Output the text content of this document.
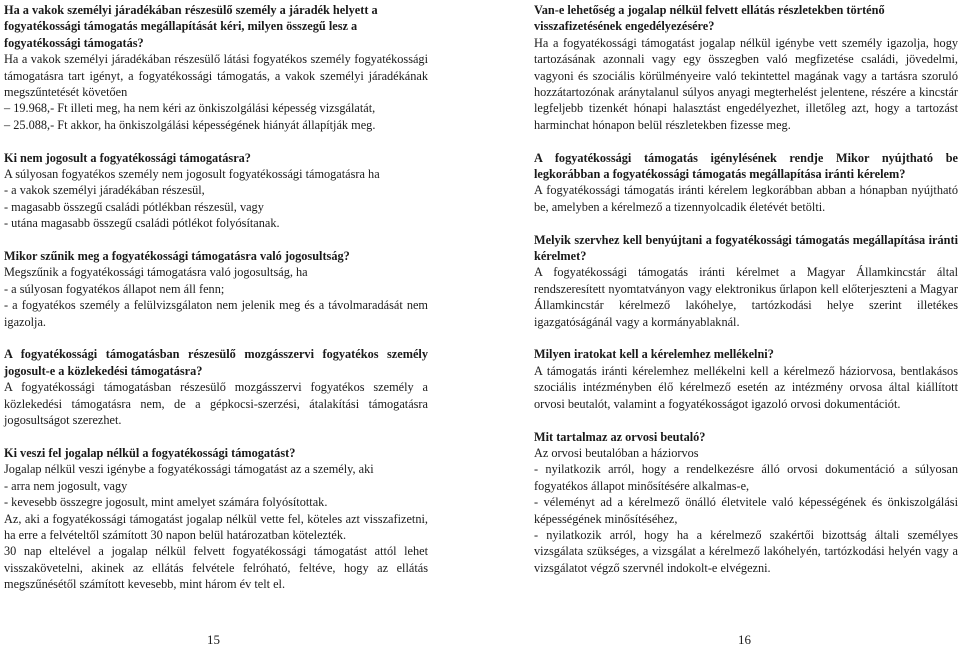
Ha a vakok személyi járadékában részesülő személy a járadék helyett a fogyatékossági támogatás megállapítását kéri, milyen összegű lesz a fogyatékossági támogatás?

Ha a vakok személyi járadékában részesülő látási fogyatékos személy fogyatékossági támogatásra tart igényt, a fogyatékossági támogatás, a vakok személyi járadékának megszűntetését követően

– 19.968,- Ft illeti meg, ha nem kéri az önkiszolgálási képesség vizsgálatát,

– 25.088,- Ft akkor, ha önkiszolgálási képességének hiányát állapítják meg.

Ki nem jogosult a fogyatékossági támogatásra?

A súlyosan fogyatékos személy nem jogosult fogyatékossági támogatásra ha

- a vakok személyi járadékában részesül,

- magasabb összegű családi pótlékban részesül, vagy

- utána magasabb összegű családi pótlékot folyósítanak.

Mikor szűnik meg a fogyatékossági támogatásra való jogosultság?

Megszűnik a fogyatékossági támogatásra való jogosultság, ha

- a súlyosan fogyatékos állapot nem áll fenn;

- a fogyatékos személy a felülvizsgálaton nem jelenik meg és a távolmaradását nem igazolja.

A fogyatékossági támogatásban részesülő mozgásszervi fogyatékos személy jogosult-e a közlekedési támogatásra?

A fogyatékossági támogatásban részesülő mozgásszervi fogyatékos személy a közlekedési támogatásra nem, de a gépkocsi-szerzési, átalakítási támogatásra jogosultságot szerezhet.

Ki veszi fel jogalap nélkül a fogyatékossági támogatást?

Jogalap nélkül veszi igénybe a fogyatékossági támogatást az a személy, aki

- arra nem jogosult, vagy

- kevesebb összegre jogosult, mint amelyet számára folyósítottak.

Az, aki a fogyatékossági támogatást jogalap nélkül vette fel, köteles azt visszafizetni, ha erre a felvételtől számított 30 napon belül határozatban kötelezték.

30 nap eltelével a jogalap nélkül felvett fogyatékossági támogatást attól lehet visszakövetelni, akinek az ellátás felvétele felróható, feltéve, hogy az ellátás megszűnésétől számított kevesebb, mint három év telt el.

Van-e lehetőség a jogalap nélkül felvett ellátás részletekben történő visszafizetésének engedélyezésére?

Ha a fogyatékossági támogatást jogalap nélkül igénybe vett személy igazolja, hogy tartozásának azonnali vagy egy összegben való megfizetése családi, jövedelmi, vagyoni és szociális körülményeire való tekintettel magának vagy a tartásra szoruló hozzátartozónak aránytalanul súlyos anyagi megterhelést jelentene, részére a kincstár legfeljebb tizenkét hónapi halasztást engedélyezhet, illetőleg azt, hogy a tartozást harminchat hónapon belül részletekben fizesse meg.

A fogyatékossági támogatás igénylésének rendje Mikor nyújtható be legkorábban a fogyatékossági támogatás megállapítása iránti kérelem?

A fogyatékossági támogatás iránti kérelem legkorábban abban a hónapban nyújtható be, amelyben a kérelmező a tizennyolcadik életévét betölti.

Melyik szervhez kell benyújtani a fogyatékossági támogatás megállapítása iránti kérelmet?

A fogyatékossági támogatás iránti kérelmet a Magyar Államkincstár által rendszeresített nyomtatványon vagy elektronikus űrlapon kell előterjeszteni a Magyar Államkincstár kérelmező lakóhelye, tartózkodási helye szerint illetékes igazgatóságánál vagy a kormányablaknál.

Milyen iratokat kell a kérelemhez mellékelni?

A támogatás iránti kérelemhez mellékelni kell a kérelmező háziorvosa, bentlakásos szociális intézményben élő kérelmező esetén az intézmény orvosa által kiállított orvosi beutalót, valamint a fogyatékosságot igazoló orvosi dokumentációt.

Mit tartalmaz az orvosi beutaló?

Az orvosi beutalóban a háziorvos

- nyilatkozik arról, hogy a rendelkezésre álló orvosi dokumentáció a súlyosan fogyatékos állapot minősítésére alkalmas-e,

- véleményt ad a kérelmező önálló életvitele való képességének és önkiszolgálási képességének minősítéséhez,

- nyilatkozik arról, hogy ha a kérelmező szakértői bizottság általi személyes vizsgálata szükséges, a vizsgálat a kérelmező lakóhelyén, tartózkodási helyén vagy a vizsgálatot végző szervnél indokolt-e elvégezni.

15	16
